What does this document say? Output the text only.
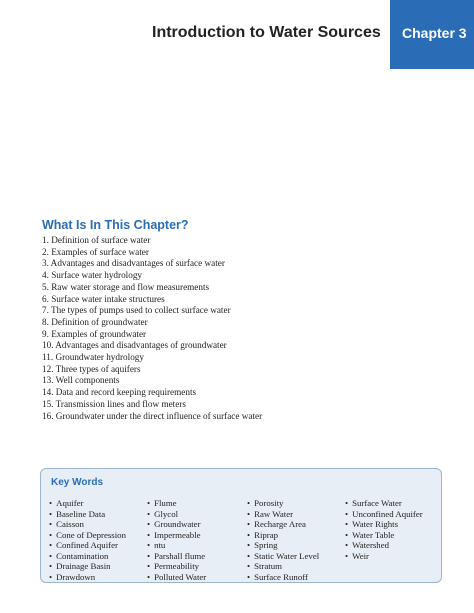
Introduction to Water Sources	Chapter 3
What Is In This Chapter?
1. Definition of surface water
2. Examples of surface water
3. Advantages and disadvantages of surface water
4. Surface water hydrology
5. Raw water storage and flow measurements
6. Surface water intake structures
7. The types of pumps used to collect surface water
8. Definition of groundwater
9. Examples of groundwater
10. Advantages and disadvantages of groundwater
11. Groundwater hydrology
12. Three types of aquifers
13. Well components
14. Data and record keeping requirements
15. Transmission lines and flow meters
16. Groundwater under the direct influence of surface water
Key Words
• Aquifer
• Baseline Data
• Caisson
• Cone of Depression
• Confined Aquifer
• Contamination
• Drainage Basin
• Drawdown
• Flume
• Glycol
• Groundwater
• Impermeable
• ntu
• Parshall flume
• Permeability
• Polluted Water
• Porosity
• Raw Water
• Recharge Area
• Riprap
• Spring
• Static Water Level
• Stratum
• Surface Runoff
• Surface Water
• Unconfined Aquifer
• Water Rights
• Water Table
• Watershed
• Weir
